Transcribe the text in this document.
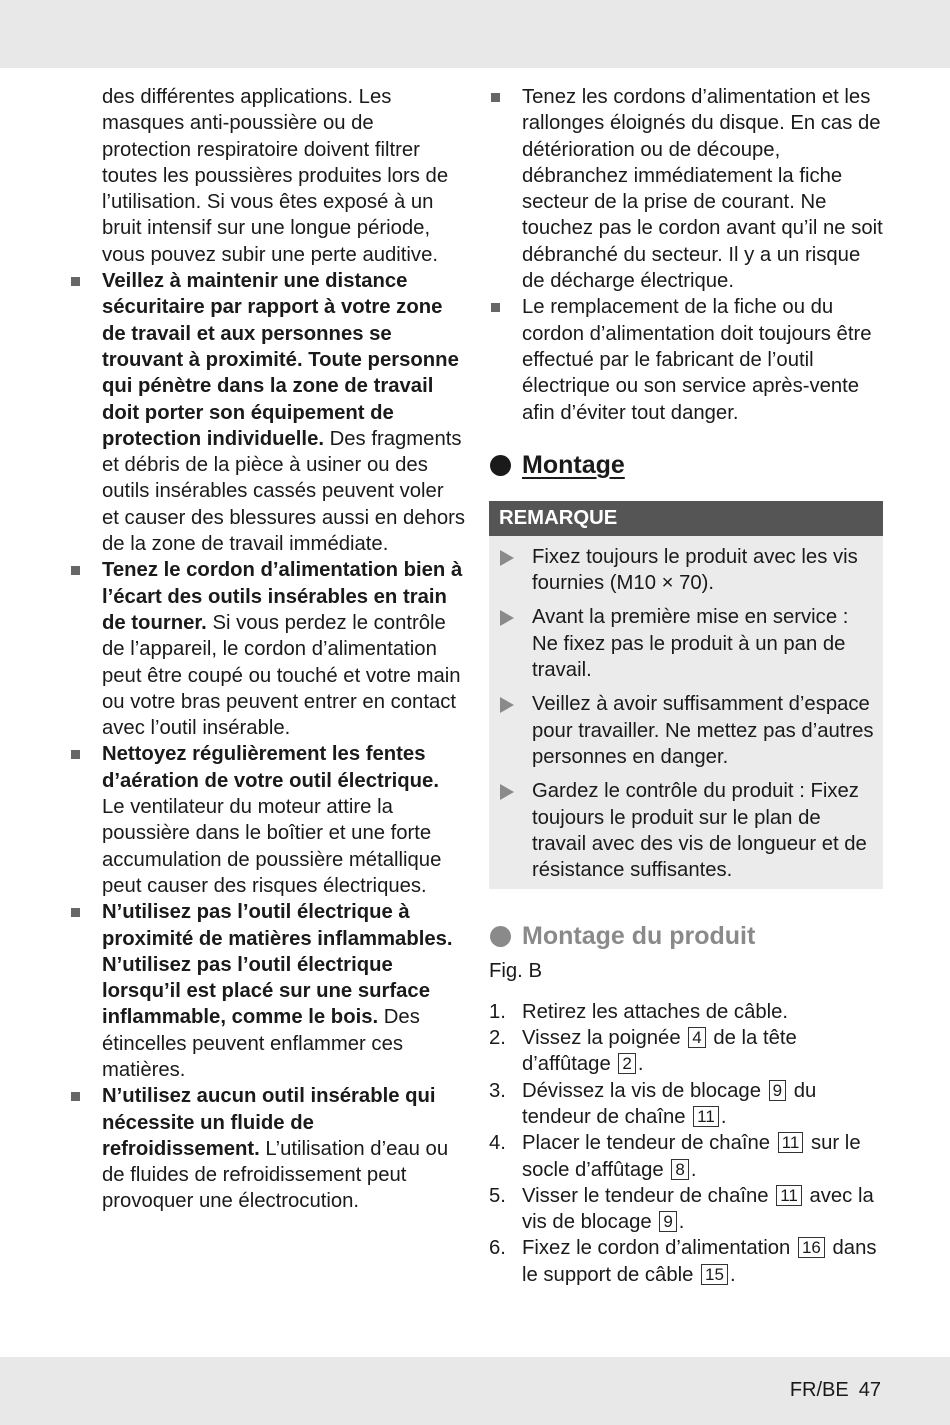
des différentes applications. Les masques anti-poussière ou de protection respiratoire doivent filtrer toutes les poussières produites lors de l’utilisation. Si vous êtes exposé à un bruit intensif sur une longue période, vous pouvez subir une perte auditive.

Veillez à maintenir une distance sécuritaire par rapport à votre zone de travail et aux personnes se trouvant à proximité. Toute personne qui pénètre dans la zone de travail doit porter son équipement de protection individuelle. Des fragments et débris de la pièce à usiner ou des outils insérables cassés peuvent voler et causer des blessures aussi en dehors de la zone de travail immédiate.
Tenez le cordon d’alimentation bien à l’écart des outils insérables en train de tourner. Si vous perdez le contrôle de l’appareil, le cordon d’alimentation peut être coupé ou touché et votre main ou votre bras peuvent entrer en contact avec l’outil insérable.
Nettoyez régulièrement les fentes d’aération de votre outil électrique. Le ventilateur du moteur attire la poussière dans le boîtier et une forte accumulation de poussière métallique peut causer des risques électriques.
N’utilisez pas l’outil électrique à proximité de matières inflammables. N’utilisez pas l’outil électrique lorsqu’il est placé sur une surface inflammable, comme le bois. Des étincelles peuvent enflammer ces matières.
N’utilisez aucun outil insérable qui nécessite un fluide de refroidissement. L’utilisation d’eau ou de fluides de refroidissement peut provoquer une électrocution.
Tenez les cordons d’alimentation et les rallonges éloignés du disque. En cas de détérioration ou de découpe, débranchez immédiatement la fiche secteur de la prise de courant. Ne touchez pas le cordon avant qu’il ne soit débranché du secteur. Il y a un risque de décharge électrique.
Le remplacement de la fiche ou du cordon d’alimentation doit toujours être effectué par le fabricant de l’outil électrique ou son service après-vente afin d’éviter tout danger.
Montage
REMARQUE
Fixez toujours le produit avec les vis fournies (M10 × 70).
Avant la première mise en service : Ne fixez pas le produit à un pan de travail.
Veillez à avoir suffisamment d’espace pour travailler. Ne mettez pas d’autres personnes en danger.
Gardez le contrôle du produit : Fixez toujours le produit sur le plan de travail avec des vis de longueur et de résistance suffisantes.
Montage du produit
Fig. B
1. Retirez les attaches de câble.
2. Vissez la poignée 4 de la tête d’affûtage 2 .
3. Dévissez la vis de blocage 9 du tendeur de chaîne 11 .
4. Placer le tendeur de chaîne 11 sur le socle d’affûtage 8 .
5. Visser le tendeur de chaîne 11 avec la vis de blocage 9 .
6. Fixez le cordon d’alimentation 16 dans le support de câble 15 .
FR/BE 47
